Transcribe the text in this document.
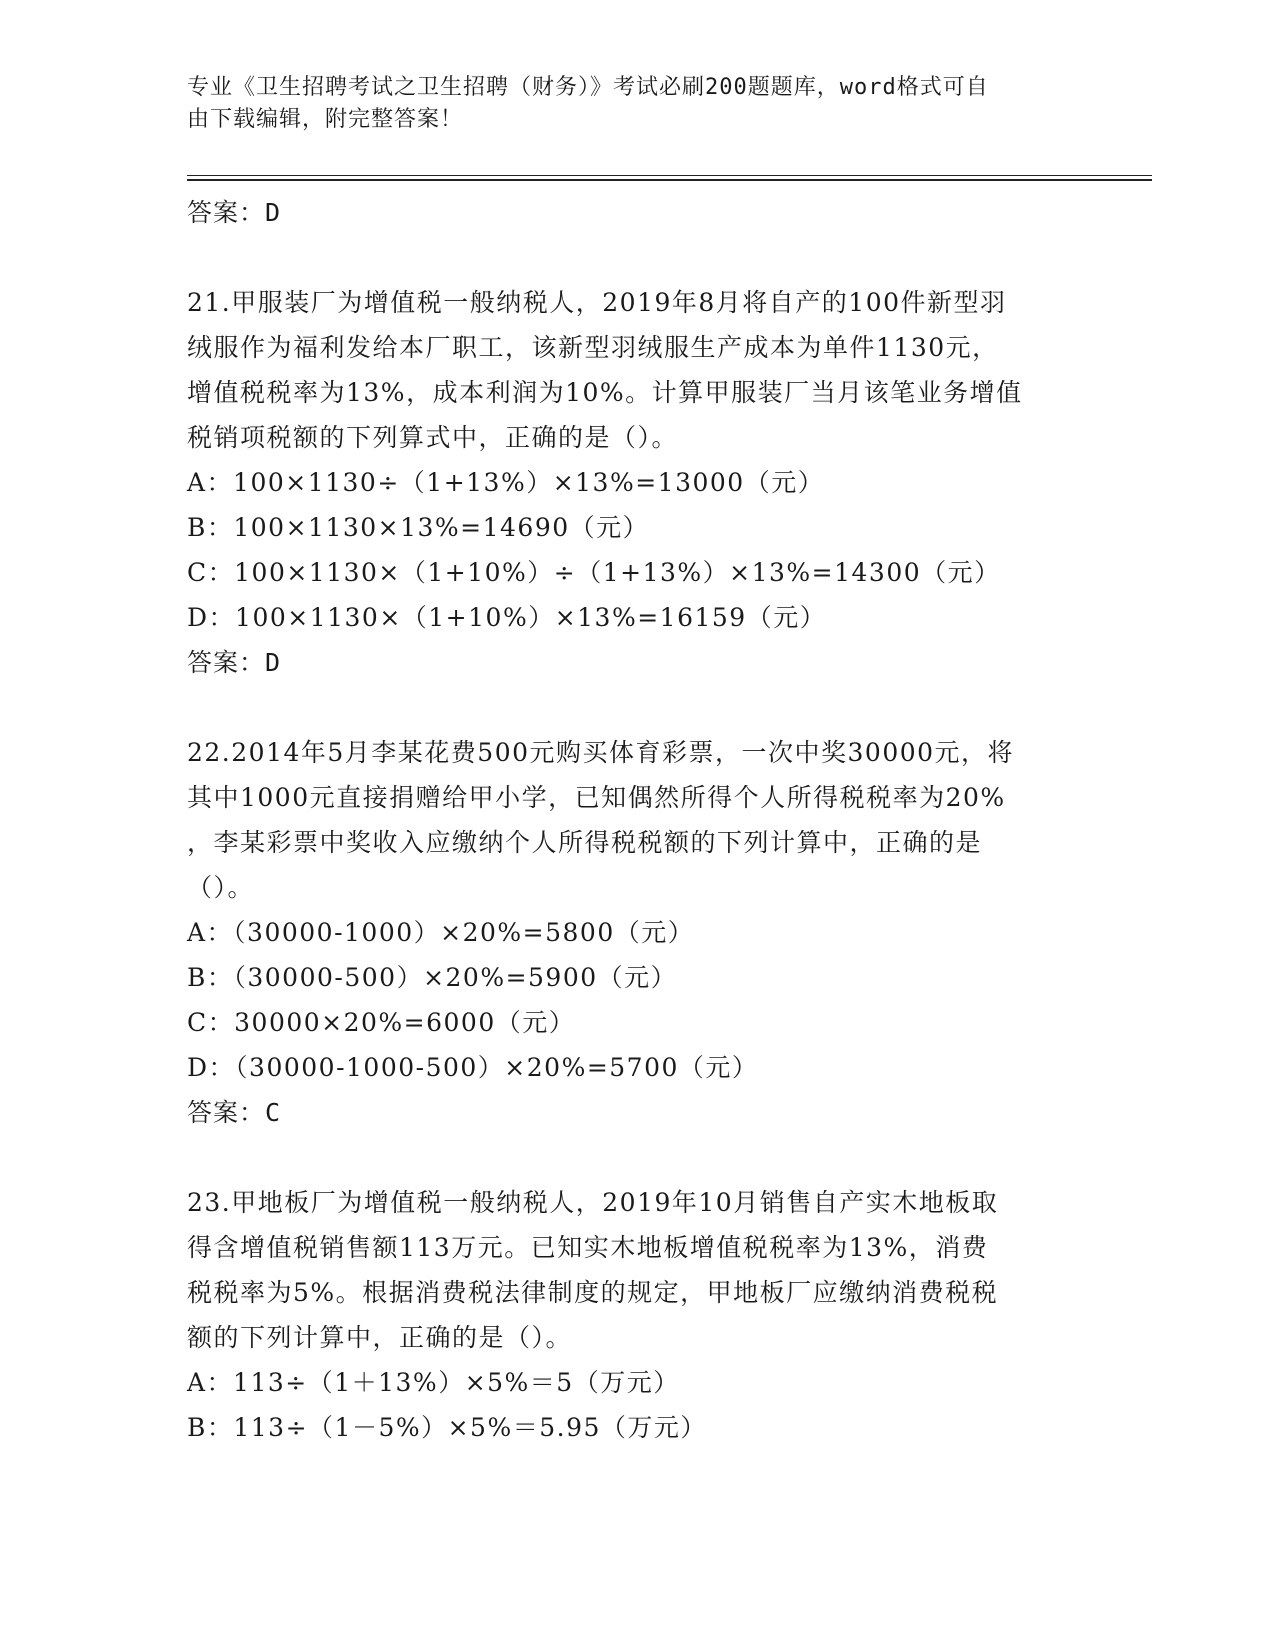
专业《卫生招聘考试之卫生招聘（财务）》考试必刷200题题库，word格式可自
由下载编辑，附完整答案！
答案：D
21.甲服装厂为增值税一般纳税人，2019年8月将自产的100件新型羽
绒服作为福利发给本厂职工，该新型羽绒服生产成本为单件1130元，
增值税税率为13%，成本利润为10%。计算甲服装厂当月该笔业务增值
税销项税额的下列算式中，正确的是（）。
A：100×1130÷（1+13%）×13%=13000（元）
B：100×1130×13%=14690（元）
C：100×1130×（1+10%）÷（1+13%）×13%=14300（元）
D：100×1130×（1+10%）×13%=16159（元）
答案：D
22.2014年5月李某花费500元购买体育彩票，一次中奖30000元，将
其中1000元直接捐赠给甲小学，已知偶然所得个人所得税税率为20%
，李某彩票中奖收入应缴纳个人所得税税额的下列计算中，正确的是
（）。
A：（30000-1000）×20%=5800（元）
B：（30000-500）×20%=5900（元）
C：30000×20%=6000（元）
D：（30000-1000-500）×20%=5700（元）
答案：C
23.甲地板厂为增值税一般纳税人，2019年10月销售自产实木地板取
得含增值税销售额113万元。已知实木地板增值税税率为13%，消费
税税率为5%。根据消费税法律制度的规定，甲地板厂应缴纳消费税税
额的下列计算中，正确的是（）。
A：113÷（1＋13%）×5%＝5（万元）
B：113÷（1－5%）×5%＝5.95（万元）
